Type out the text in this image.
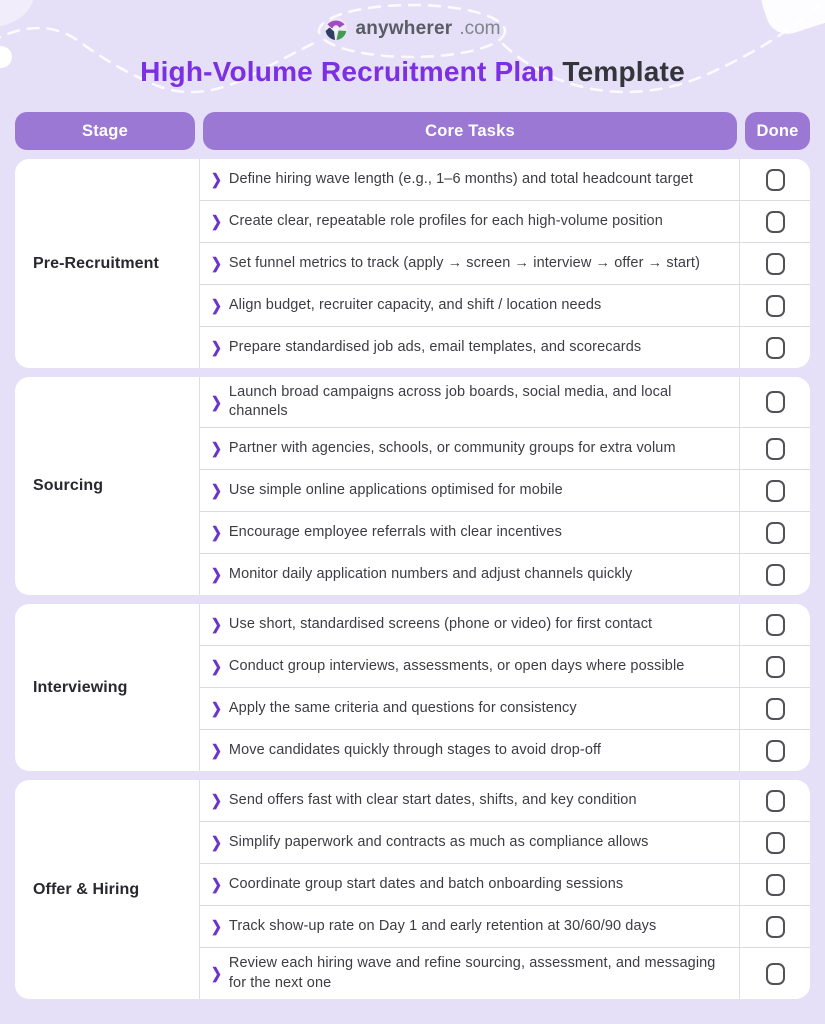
anywherer .com
High-Volume Recruitment Plan Template
Stage	Core Tasks	Done
Pre-Recruitment
❯ Define hiring wave length (e.g., 1–6 months) and total headcount target
❯ Create clear, repeatable role profiles for each high-volume position
❯ Set funnel metrics to track (apply → screen → interview → offer → start)
❯ Align budget, recruiter capacity, and shift / location needs
❯ Prepare standardised job ads, email templates, and scorecards
Sourcing
❯
Launch broad campaigns across job boards, social media, and local channels
❯ Partner with agencies, schools, or community groups for extra volum
❯ Use simple online applications optimised for mobile
❯ Encourage employee referrals with clear incentives
❯ Monitor daily application numbers and adjust channels quickly
Interviewing
❯ Use short, standardised screens (phone or video) for first contact
❯ Conduct group interviews, assessments, or open days where possible
❯ Apply the same criteria and questions for consistency
❯ Move candidates quickly through stages to avoid drop-off
Offer & Hiring
❯ Send offers fast with clear start dates, shifts, and key condition
❯ Simplify paperwork and contracts as much as compliance allows
❯ Coordinate group start dates and batch onboarding sessions
❯ Track show-up rate on Day 1 and early retention at 30/60/90 days
❯
Review each hiring wave and refine sourcing, assessment, and messaging for the next one
